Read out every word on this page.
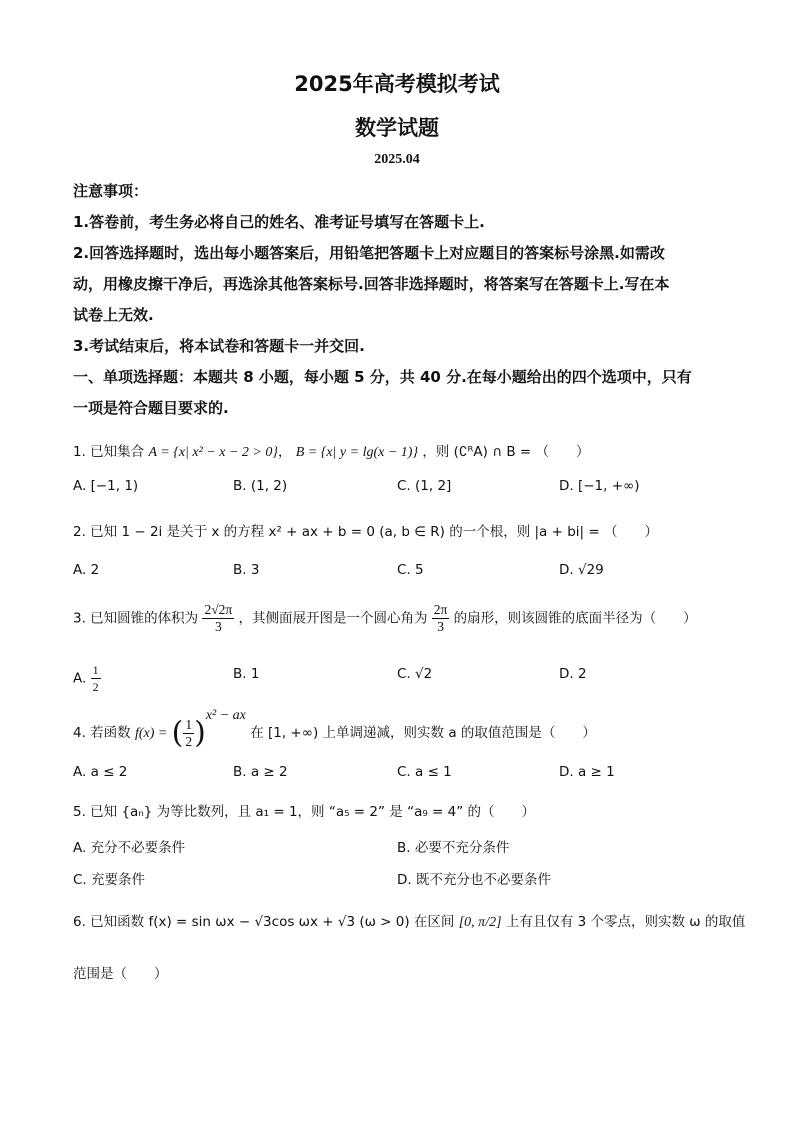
2025年高考模拟考试
数学试题
2025.04
注意事项：
1.答卷前，考生务必将自己的姓名、准考证号填写在答题卡上.
2.回答选择题时，选出每小题答案后，用铅笔把答题卡上对应题目的答案标号涂黑.如需改
动，用橡皮擦干净后，再选涂其他答案标号.回答非选择题时，将答案写在答题卡上.写在本
试卷上无效.
3.考试结束后，将本试卷和答题卡一并交回.
一、单项选择题：本题共 8 小题，每小题 5 分，共 40 分.在每小题给出的四个选项中，只有
一项是符合题目要求的.
1. 已知集合 A = {x| x² − x − 2 > 0}， B = {x| y = lg(x − 1)} ，则 (∁ᴿA) ∩ B = （　　）
A. [−1, 1)	B. (1, 2)	C. (1, 2]	D. [−1, +∞)
2. 已知 1 − 2i 是关于 x 的方程 x² + ax + b = 0 (a, b ∈ R) 的一个根，则 |a + bi| = （　　）
A. 2	B. 3	C. 5	D. √29
3. 已知圆锥的体积为 $\frac{2√2\pi}{3}$ ，其侧面展开图是一个圆心角为 $\frac{2\pi}{3}$ 的扇形，则该圆锥的底面半径为（　　）
A. $\frac{1}{2}$	B. 1	C. √2	D. 2
4. 若函数 f(x) = ( $\frac{1}{2} )^{x^2 - ax}$ 在 [1, +∞) 上单调递减，则实数 a 的取值范围是（　　）
A. a ≤ 2	B. a ≥ 2	C. a ≤ 1	D. a ≥ 1
5. 已知 {aₙ} 为等比数列，且 a₁ = 1，则 “a₅ = 2” 是 “a₉ = 4” 的（　　）
A. 充分不必要条件	B. 必要不充分条件
C. 充要条件	D. 既不充分也不必要条件
6. 已知函数 f(x) = sin ωx − √3cos ωx + √3 (ω > 0) 在区间 [0, π/2] 上有且仅有 3 个零点，则实数 ω 的取值
范围是（　　）
